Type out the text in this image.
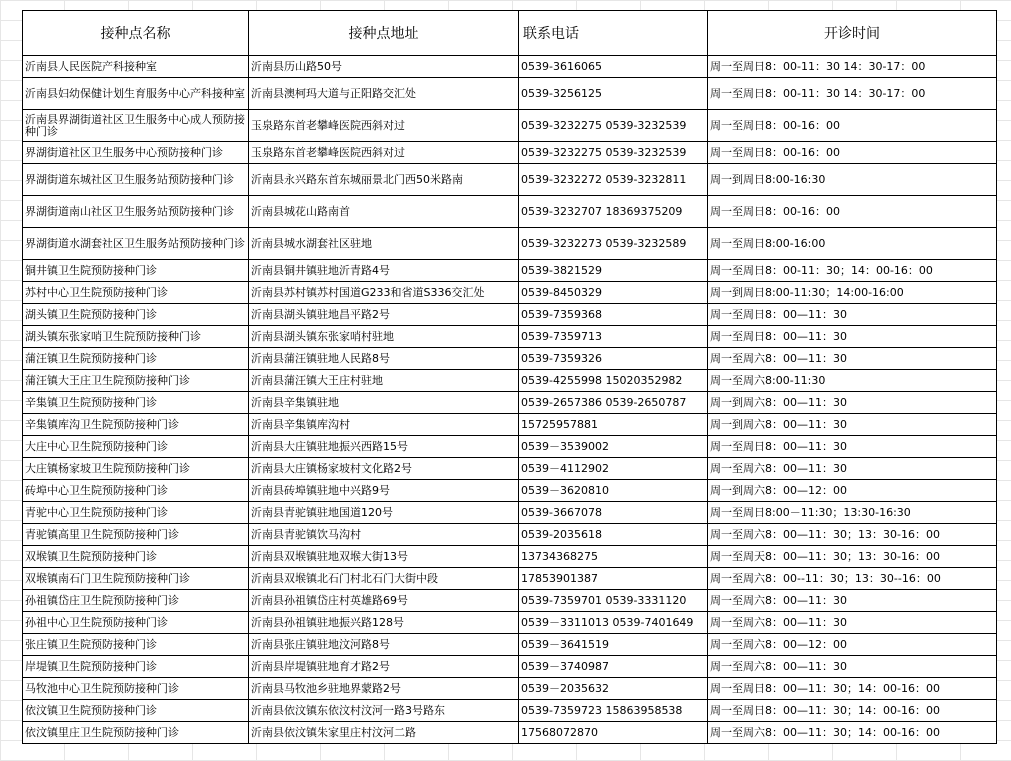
接种点名称	接种点地址	联系电话	开诊时间
沂南县人民医院产科接种室	沂南县历山路50号	0539-3616065	周一至周日8：00-11：30 14：30-17：00
沂南县妇幼保健计划生育服务中心产科接种室	沂南县澳柯玛大道与正阳路交汇处	0539-3256125	周一至周日8：00-11：30 14：30-17：00
沂南县界湖街道社区卫生服务中心成人预防接种门诊	玉泉路东首老攀峰医院西斜对过	0539-3232275 0539-3232539	周一至周日8：00-16：00
界湖街道社区卫生服务中心预防接种门诊	玉泉路东首老攀峰医院西斜对过	0539-3232275 0539-3232539	周一至周日8：00-16：00
界湖街道东城社区卫生服务站预防接种门诊	沂南县永兴路东首东城丽景北门西50米路南	0539-3232272 0539-3232811	周一到周日8:00-16:30
界湖街道南山社区卫生服务站预防接种门诊	沂南县城花山路南首	0539-3232707 18369375209	周一至周日8：00-16：00
界湖街道水湖套社区卫生服务站预防接种门诊	沂南县城水湖套社区驻地	0539-3232273 0539-3232589	周一至周日8:00-16:00
铜井镇卫生院预防接种门诊	沂南县铜井镇驻地沂青路4号	0539-3821529	周一至周日8：00-11：30；14：00-16：00
苏村中心卫生院预防接种门诊	沂南县苏村镇苏村国道G233和省道S336交汇处	0539-8450329	周一到周日8:00-11:30；14:00-16:00
湖头镇卫生院预防接种门诊	沂南县湖头镇驻地昌平路2号	0539-7359368	周一至周日8：00—11：30
湖头镇东张家哨卫生院预防接种门诊	沂南县湖头镇东张家哨村驻地	0539-7359713	周一至周日8：00—11：30
蒲汪镇卫生院预防接种门诊	沂南县蒲汪镇驻地人民路8号	0539-7359326	周一至周六8：00—11：30
蒲汪镇大王庄卫生院预防接种门诊	沂南县蒲汪镇大王庄村驻地	0539-4255998 15020352982	周一至周六8:00-11:30
辛集镇卫生院预防接种门诊	沂南县辛集镇驻地	0539-2657386 0539-2650787	周一到周六8：00—11：30
辛集镇库沟卫生院预防接种门诊	沂南县辛集镇库沟村	15725957881	周一到周六8：00—11：30
大庄中心卫生院预防接种门诊	沂南县大庄镇驻地振兴西路15号	0539－3539002	周一至周日8：00—11：30
大庄镇杨家坡卫生院预防接种门诊	沂南县大庄镇杨家坡村文化路2号	0539－4112902	周一至周六8：00—11：30
砖埠中心卫生院预防接种门诊	沂南县砖埠镇驻地中兴路9号	0539－3620810	周一到周六8：00—12：00
青驼中心卫生院预防接种门诊	沂南县青驼镇驻地国道120号	0539-3667078	周一至周日8:00－11:30；13:30-16:30
青驼镇高里卫生院预防接种门诊	沂南县青驼镇饮马沟村	0539-2035618	周一至周六8：00—11：30；13：30-16：00
双堠镇卫生院预防接种门诊	沂南县双堠镇驻地双堠大街13号	13734368275	周一至周天8：00—11：30；13：30-16：00
双堠镇南石门卫生院预防接种门诊	沂南县双堠镇北石门村北石门大街中段	17853901387	周一至周六8：00--11：30；13：30--16：00
孙祖镇岱庄卫生院预防接种门诊	沂南县孙祖镇岱庄村英雄路69号	0539-7359701 0539-3331120	周一至周六8：00—11：30
孙祖中心卫生院预防接种门诊	沂南县孙祖镇驻地振兴路128号	0539－3311013 0539-7401649	周一至周六8：00—11：30
张庄镇卫生院预防接种门诊	沂南县张庄镇驻地汶河路8号	0539－3641519	周一至周六8：00—12：00
岸堤镇卫生院预防接种门诊	沂南县岸堤镇驻地育才路2号	0539－3740987	周一至周六8：00—11：30
马牧池中心卫生院预防接种门诊	沂南县马牧池乡驻地界蒙路2号	0539－2035632	周一至周日8：00—11：30；14：00-16：00
依汶镇卫生院预防接种门诊	沂南县依汶镇东依汶村汶河一路3号路东	0539-7359723 15863958538	周一至周日8：00—11：30；14：00-16：00
依汶镇里庄卫生院预防接种门诊	沂南县依汶镇朱家里庄村汶河二路	17568072870	周一至周六8：00—11：30；14：00-16：00
